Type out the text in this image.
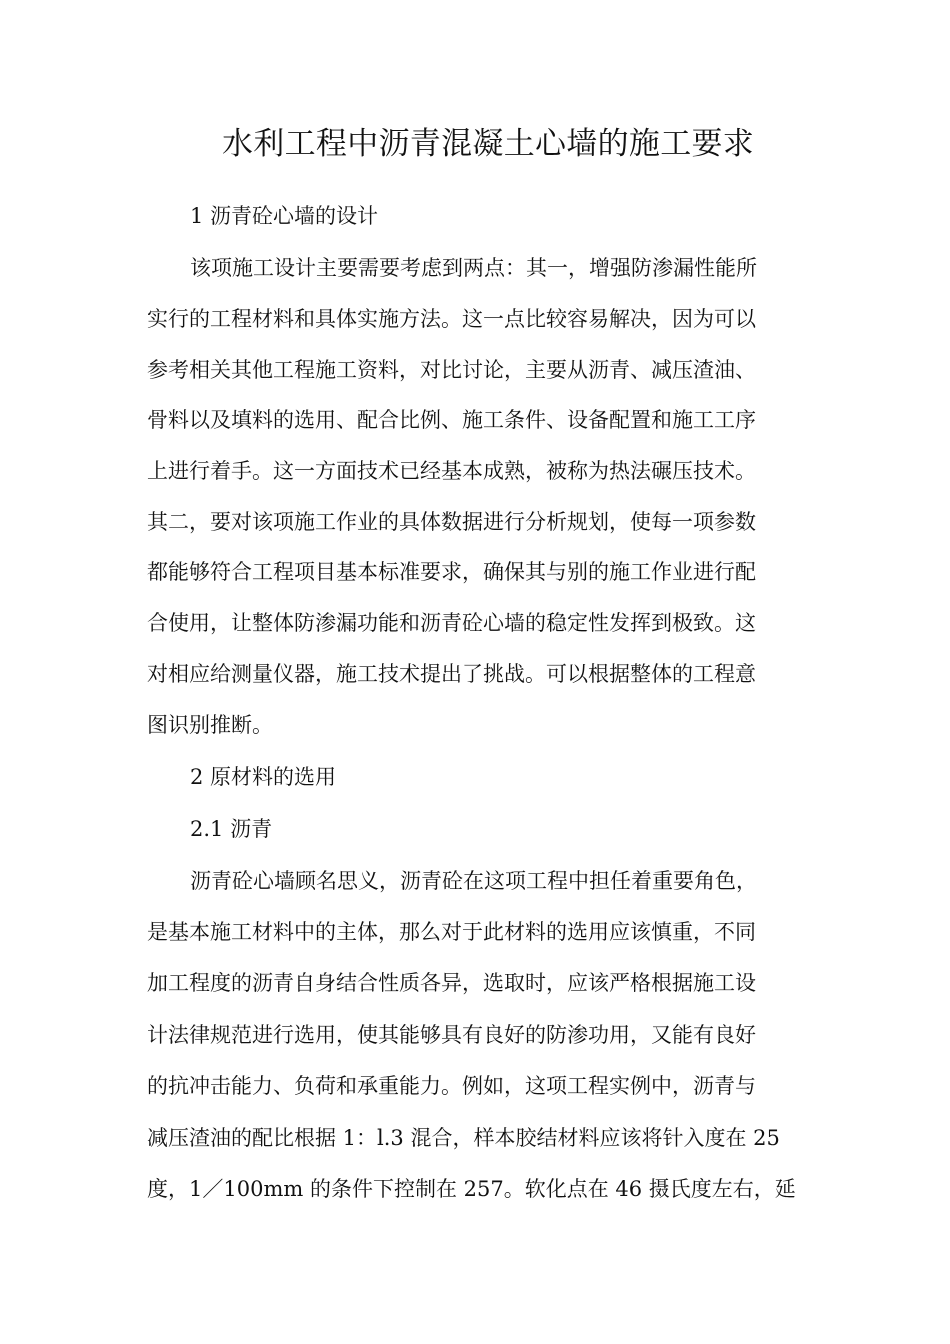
水利工程中沥青混凝土心墙的施工要求
1 沥青砼心墙的设计
该项施工设计主要需要考虑到两点：其一，增强防渗漏性能所
实行的工程材料和具体实施方法。这一点比较容易解决，因为可以
参考相关其他工程施工资料，对比讨论，主要从沥青、减压渣油、
骨料以及填料的选用、配合比例、施工条件、设备配置和施工工序
上进行着手。这一方面技术已经基本成熟，被称为热法碾压技术。
其二，要对该项施工作业的具体数据进行分析规划，使每一项参数
都能够符合工程项目基本标准要求，确保其与别的施工作业进行配
合使用，让整体防渗漏功能和沥青砼心墙的稳定性发挥到极致。这
对相应给测量仪器，施工技术提出了挑战。可以根据整体的工程意
图识别推断。
2 原材料的选用
2.1 沥青
沥青砼心墙顾名思义，沥青砼在这项工程中担任着重要角色，
是基本施工材料中的主体，那么对于此材料的选用应该慎重，不同
加工程度的沥青自身结合性质各异，选取时，应该严格根据施工设
计法律规范进行选用，使其能够具有良好的防渗功用，又能有良好
的抗冲击能力、负荷和承重能力。例如，这项工程实例中，沥青与
减压渣油的配比根据 1：l.3 混合，样本胶结材料应该将针入度在 25
度，1／100mm 的条件下控制在 257。软化点在 46 摄氏度左右，延
